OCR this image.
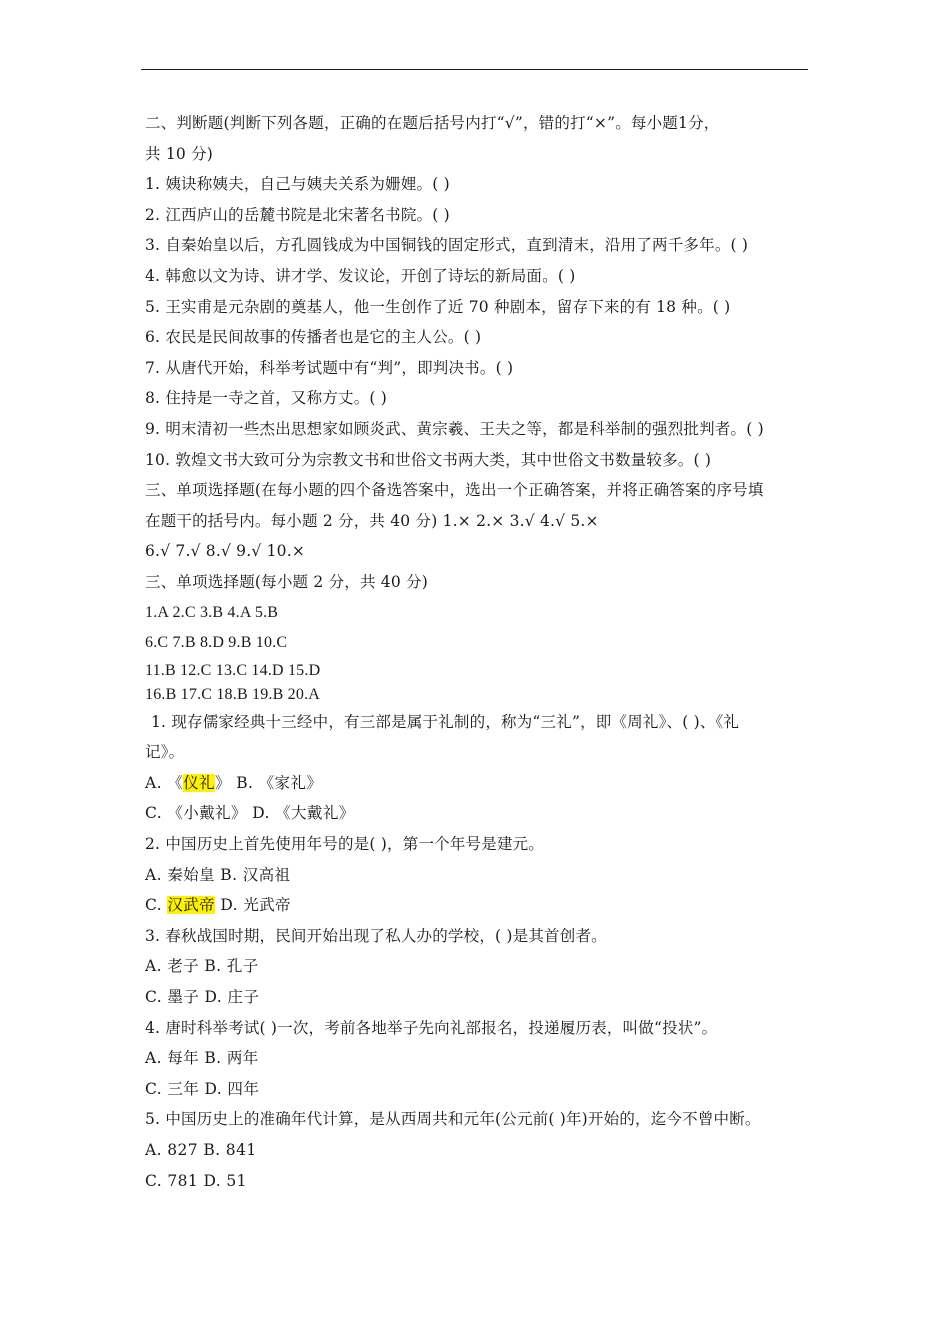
二、判断题(判断下列各题，正确的在题后括号内打“√”，错的打“×”。每小题1分，
共 10 分)
1. 姨诀称姨夫，自己与姨夫关系为姗娌。( )
2. 江西庐山的岳麓书院是北宋著名书院。( )
3. 自秦始皇以后，方孔圆钱成为中国铜钱的固定形式，直到清末，沿用了两千多年。( )
4. 韩愈以文为诗、讲才学、发议论，开创了诗坛的新局面。( )
5. 王实甫是元杂剧的奠基人，他一生创作了近 70 种剧本，留存下来的有 18 种。( )
6. 农民是民间故事的传播者也是它的主人公。( )
7. 从唐代开始，科举考试题中有“判”，即判决书。( )
8. 住持是一寺之首，又称方丈。( )
9. 明末清初一些杰出思想家如顾炎武、黄宗羲、王夫之等，都是科举制的强烈批判者。( )
10. 敦煌文书大致可分为宗教文书和世俗文书两大类，其中世俗文书数量较多。( )
三、单项选择题(在每小题的四个备选答案中，选出一个正确答案，并将正确答案的序号填
在题干的括号内。每小题 2 分，共 40 分) 1.× 2.× 3.√ 4.√ 5.×
6.√ 7.√ 8.√ 9.√ 10.×
三、单项选择题(每小题 2 分，共 40 分)
1.A 2.C 3.B 4.A 5.B
6.C 7.B 8.D 9.B 10.C
11.B 12.C 13.C 14.D 15.D
16.B 17.C 18.B 19.B 20.A
1. 现存儒家经典十三经中，有三部是属于礼制的，称为“三礼”，即《周礼》、( )、《礼
记》。
A. 《仪礼》 B. 《家礼》
C. 《小戴礼》 D. 《大戴礼》
2. 中国历史上首先使用年号的是( )，第一个年号是建元。
A. 秦始皇 B. 汉高祖
C. 汉武帝 D. 光武帝
3. 春秋战国时期，民间开始出现了私人办的学校，( )是其首创者。
A. 老子 B. 孔子
C. 墨子 D. 庄子
4. 唐时科举考试( )一次，考前各地举子先向礼部报名，投递履历表，叫做“投状”。
A. 每年 B. 两年
C. 三年 D. 四年
5. 中国历史上的准确年代计算，是从西周共和元年(公元前( )年)开始的，迄今不曾中断。
A. 827 B. 841
C. 781 D. 51
